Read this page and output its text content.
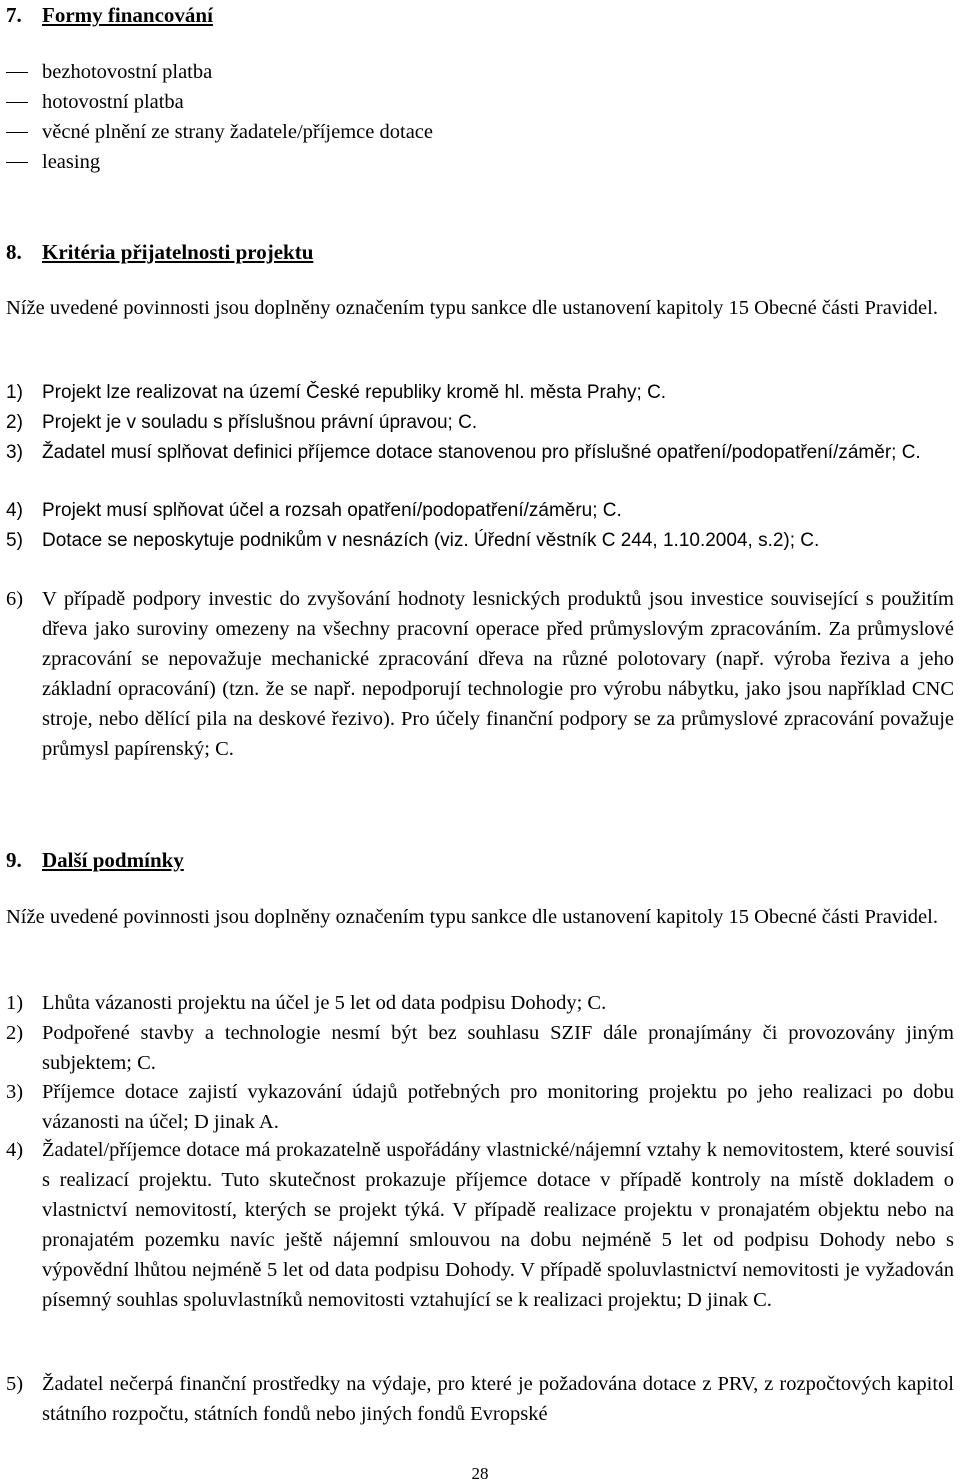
7. Formy financování
bezhotovostní platba
hotovostní platba
věcné plnění ze strany žadatele/příjemce dotace
leasing
8. Kritéria přijatelnosti projektu
Níže uvedené povinnosti jsou doplněny označením typu sankce dle ustanovení kapitoly 15 Obecné části Pravidel.
1) Projekt lze realizovat na území České republiky kromě hl. města Prahy; C.
2) Projekt je v souladu s příslušnou právní úpravou; C.
3) Žadatel musí splňovat definici příjemce dotace stanovenou pro příslušné opatření/podopatření/záměr; C.
4) Projekt musí splňovat účel a rozsah opatření/podopatření/záměru; C.
5) Dotace se neposkytuje podnikům v nesnázích (viz. Úřední věstník C 244, 1.10.2004, s.2); C.
6) V případě podpory investic do zvyšování hodnoty lesnických produktů jsou investice související s použitím dřeva jako suroviny omezeny na všechny pracovní operace před průmyslovým zpracováním. Za průmyslové zpracování se nepovažuje mechanické zpracování dřeva na různé polotovary (např. výroba řeziva a jeho základní opracování) (tzn. že se např. nepodporují technologie pro výrobu nábytku, jako jsou například CNC stroje, nebo dělící pila na deskové řezivo). Pro účely finanční podpory se za průmyslové zpracování považuje průmysl papírenský; C.
9. Další podmínky
Níže uvedené povinnosti jsou doplněny označením typu sankce dle ustanovení kapitoly 15 Obecné části Pravidel.
1) Lhůta vázanosti projektu na účel je 5 let od data podpisu Dohody; C.
2) Podpořené stavby a technologie nesmí být bez souhlasu SZIF dále pronajímány či provozovány jiným subjektem; C.
3) Příjemce dotace zajistí vykazování údajů potřebných pro monitoring projektu po jeho realizaci po dobu vázanosti na účel; D jinak A.
4) Žadatel/příjemce dotace má prokazatelně uspořádány vlastnické/nájemní vztahy k nemovitostem, které souvisí s realizací projektu. Tuto skutečnost prokazuje příjemce dotace v případě kontroly na místě dokladem o vlastnictví nemovitostí, kterých se projekt týká. V případě realizace projektu v pronajatém objektu nebo na pronajatém pozemku navíc ještě nájemní smlouvou na dobu nejméně 5 let od podpisu Dohody nebo s výpovědní lhůtou nejméně 5 let od data podpisu Dohody. V případě spoluvlastnictví nemovitosti je vyžadován písemný souhlas spoluvlastníků nemovitosti vztahující se k realizaci projektu; D jinak C.
5) Žadatel nečerpá finanční prostředky na výdaje, pro které je požadována dotace z PRV, z rozpočtových kapitol státního rozpočtu, státních fondů nebo jiných fondů Evropské
28
